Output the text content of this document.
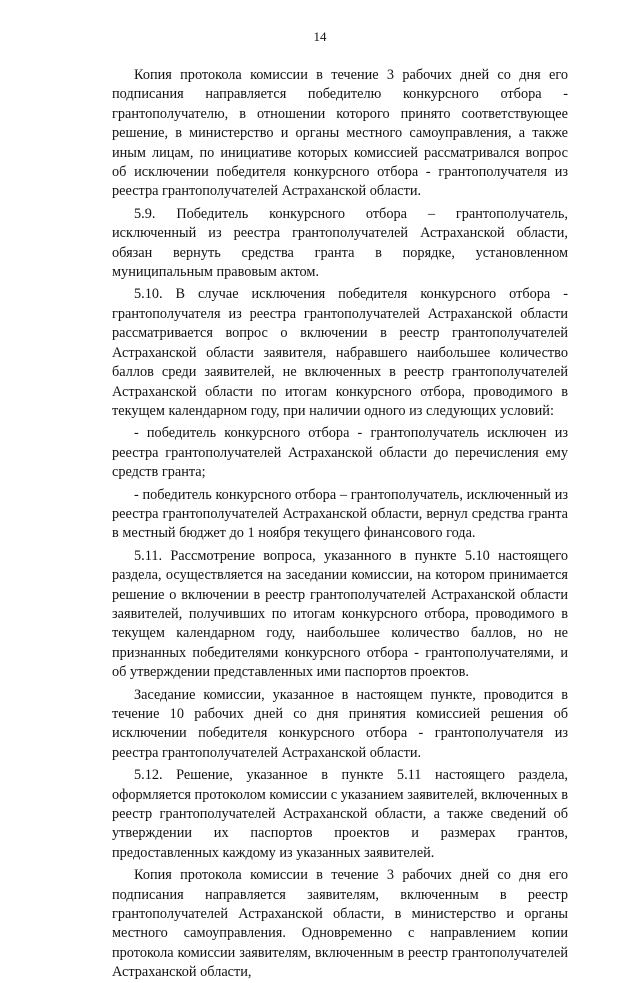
14

Копия протокола комиссии в течение 3 рабочих дней со дня его подписания направляется победителю конкурсного отбора - грантополучателю, в отношении которого принято соответствующее решение, в министерство и органы местного самоуправления, а также иным лицам, по инициативе которых комиссией рассматривался вопрос об исключении победителя конкурсного отбора - грантополучателя из реестра грантополучателей Астраханской области.

5.9. Победитель конкурсного отбора – грантополучатель, исключенный из реестра грантополучателей Астраханской области, обязан вернуть средства гранта в порядке, установленном муниципальным правовым актом.

5.10. В случае исключения победителя конкурсного отбора - грантополучателя из реестра грантополучателей Астраханской области рассматривается вопрос о включении в реестр грантополучателей Астраханской области заявителя, набравшего наибольшее количество баллов среди заявителей, не включенных в реестр грантополучателей Астраханской области по итогам конкурсного отбора, проводимого в текущем календарном году, при наличии одного из следующих условий:

- победитель конкурсного отбора - грантополучатель исключен из реестра грантополучателей Астраханской области до перечисления ему средств гранта;

- победитель конкурсного отбора – грантополучатель, исключенный из реестра грантополучателей Астраханской области, вернул средства гранта в местный бюджет до 1 ноября текущего финансового года.

5.11. Рассмотрение вопроса, указанного в пункте 5.10 настоящего раздела, осуществляется на заседании комиссии, на котором принимается решение о включении в реестр грантополучателей Астраханской области заявителей, получивших по итогам конкурсного отбора, проводимого в текущем календарном году, наибольшее количество баллов, но не признанных победителями конкурсного отбора - грантополучателями, и об утверждении представленных ими паспортов проектов.

Заседание комиссии, указанное в настоящем пункте, проводится в течение 10 рабочих дней со дня принятия комиссией решения об исключении победителя конкурсного отбора - грантополучателя из реестра грантополучателей Астраханской области.

5.12. Решение, указанное в пункте 5.11 настоящего раздела, оформляется протоколом комиссии с указанием заявителей, включенных в реестр грантополучателей Астраханской области, а также сведений об утверждении их паспортов проектов и размерах грантов, предоставленных каждому из указанных заявителей.

Копия протокола комиссии в течение 3 рабочих дней со дня его подписания направляется заявителям, включенным в реестр грантополучателей Астраханской области, в министерство и органы местного самоуправления. Одновременно с направлением копии протокола комиссии заявителям, включенным в реестр грантополучателей Астраханской области,
